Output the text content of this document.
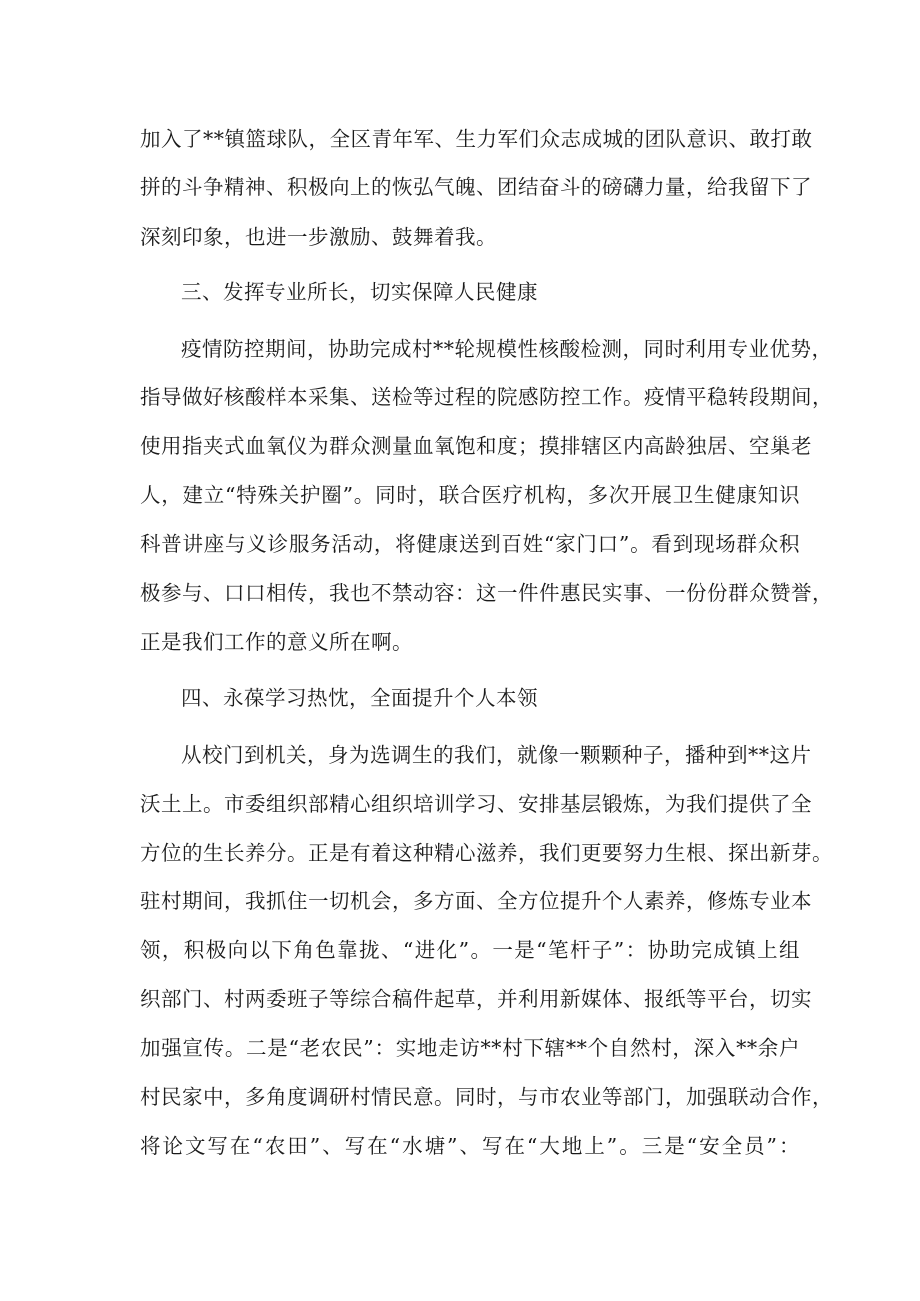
加入了**镇篮球队，全区青年军、生力军们众志成城的团队意识、敢打敢
拼的斗争精神、积极向上的恢弘气魄、团结奋斗的磅礴力量，给我留下了
深刻印象，也进一步激励、鼓舞着我。
三、发挥专业所长，切实保障人民健康
疫情防控期间，协助完成村**轮规模性核酸检测，同时利用专业优势，
指导做好核酸样本采集、送检等过程的院感防控工作。疫情平稳转段期间，
使用指夹式血氧仪为群众测量血氧饱和度；摸排辖区内高龄独居、空巢老
人，建立“特殊关护圈”。同时，联合医疗机构，多次开展卫生健康知识
科普讲座与义诊服务活动，将健康送到百姓“家门口”。看到现场群众积
极参与、口口相传，我也不禁动容：这一件件惠民实事、一份份群众赞誉，
正是我们工作的意义所在啊。
四、永葆学习热忱，全面提升个人本领
从校门到机关，身为选调生的我们，就像一颗颗种子，播种到**这片
沃土上。市委组织部精心组织培训学习、安排基层锻炼，为我们提供了全
方位的生长养分。正是有着这种精心滋养，我们更要努力生根、探出新芽。
驻村期间，我抓住一切机会，多方面、全方位提升个人素养，修炼专业本
领，积极向以下角色靠拢、“进化”。一是“笔杆子”：协助完成镇上组
织部门、村两委班子等综合稿件起草，并利用新媒体、报纸等平台，切实
加强宣传。二是“老农民”：实地走访**村下辖**个自然村，深入**余户
村民家中，多角度调研村情民意。同时，与市农业等部门，加强联动合作，
将论文写在“农田”、写在“水塘”、写在“大地上”。三是“安全员”：
